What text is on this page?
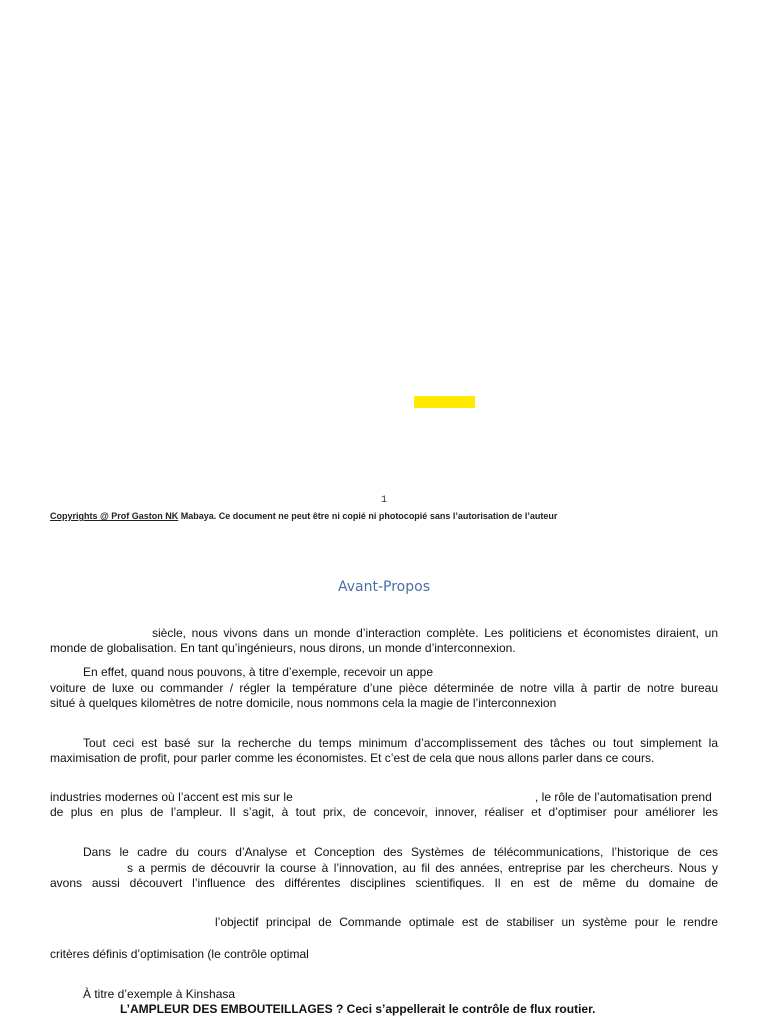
1
Copyrights @ Prof Gaston NK Mabaya. Ce document ne peut être ni copié ni photocopié sans l’autorisation de l’auteur
Avant-Propos
siècle, nous vivons dans un monde d’interaction complète. Les politiciens et économistes diraient, un
monde de globalisation. En tant qu’ingénieurs, nous dirons, un monde d’interconnexion.
En effet, quand nous pouvons, à titre d’exemple, recevoir un appe
voiture de luxe ou commander / régler la température d’une pièce déterminée de notre villa à partir de notre bureau
situé à quelques kilomètres de notre domicile, nous nommons cela la magie de l’interconnexion
Tout ceci est basé sur la recherche du temps minimum d’accomplissement des tâches ou tout simplement la
maximisation de profit, pour parler comme les économistes. Et c’est de cela que nous allons parler dans ce cours.
industries modernes où l’accent est mis sur le	, le rôle de l’automatisation prend
de plus en plus de l’ampleur. Il s’agit, à tout prix, de concevoir, innover, réaliser et d’optimiser pour améliorer les
Dans le cadre du cours d’Analyse et Conception des Systèmes de télécommunications, l’historique de ces
s a permis de découvrir la course à l’innovation, au fil des années, entreprise par les chercheurs. Nous y
avons aussi découvert l’influence des différentes disciplines scientifiques. Il en est de même du domaine de
l’objectif principal de Commande optimale est de stabiliser un système pour le rendre
critères définis d’optimisation (le contrôle optimal
À titre d’exemple à Kinshasa
L’AMPLEUR DES EMBOUTEILLAGES ? Ceci s’appellerait le contrôle de flux routier.
